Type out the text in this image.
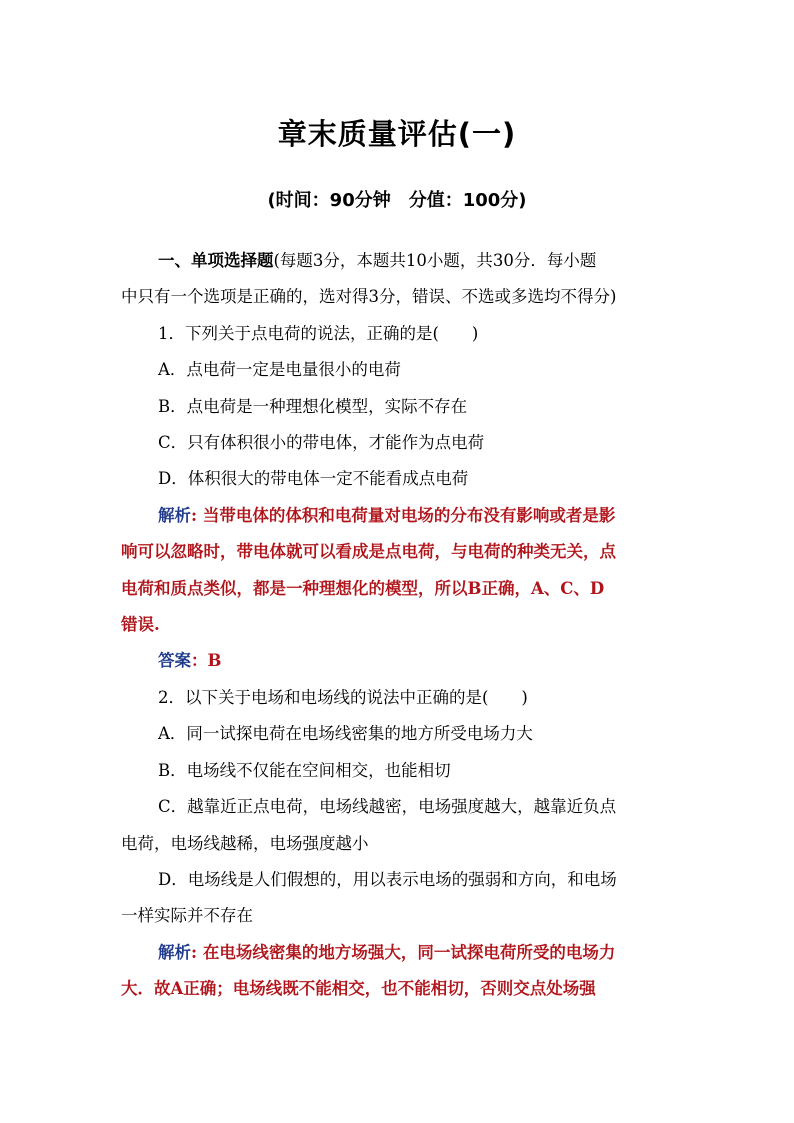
章末质量评估(一)
(时间：90分钟　分值：100分)

一、单项选择题(每题3分，本题共10小题，共30分．每小题

中只有一个选项是正确的，选对得3分，错误、不选或多选均不得分)

1．下列关于点电荷的说法，正确的是(　　)

A．点电荷一定是电量很小的电荷

B．点电荷是一种理想化模型，实际不存在

C．只有体积很小的带电体，才能作为点电荷

D．体积很大的带电体一定不能看成点电荷

解析: 当带电体的体积和电荷量对电场的分布没有影响或者是影

响可以忽略时，带电体就可以看成是点电荷，与电荷的种类无关，点

电荷和质点类似，都是一种理想化的模型，所以B正确，A、C、D

错误.

答案：B

2．以下关于电场和电场线的说法中正确的是(　　)

A．同一试探电荷在电场线密集的地方所受电场力大

B．电场线不仅能在空间相交，也能相切

C．越靠近正点电荷，电场线越密，电场强度越大，越靠近负点

电荷，电场线越稀，电场强度越小

D．电场线是人们假想的，用以表示电场的强弱和方向，和电场

一样实际并不存在

解析: 在电场线密集的地方场强大，同一试探电荷所受的电场力

大．故A正确；电场线既不能相交，也不能相切，否则交点处场强
